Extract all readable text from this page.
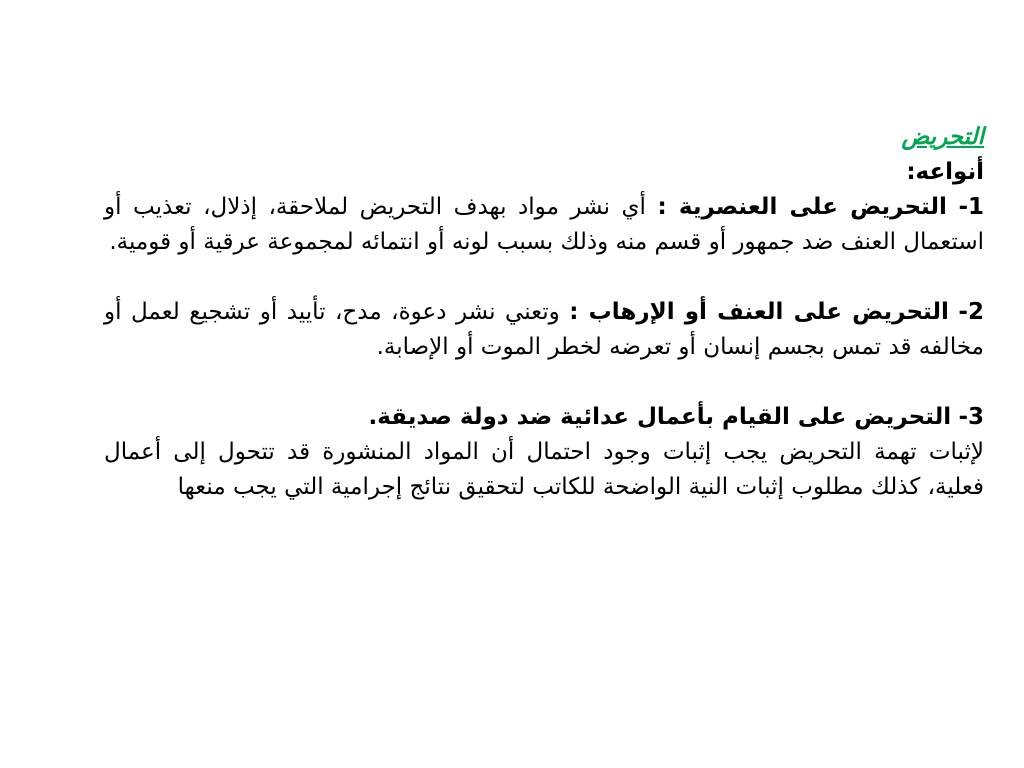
التحريض

أنواعه:

1- التحريض على العنصرية : أي نشر مواد بهدف التحريض لملاحقة، إذلال، تعذيب أو استعمال العنف ضد جمهور أو قسم منه وذلك بسبب لونه أو انتمائه لمجموعة عرقية أو قومية.

2- التحريض على العنف أو الإرهاب : وتعني نشر دعوة، مدح، تأييد أو تشجيع لعمل أو مخالفه قد تمس بجسم إنسان أو تعرضه لخطر الموت أو الإصابة.

3- التحريض على القيام بأعمال عدائية ضد دولة صديقة.

لإثبات تهمة التحريض يجب إثبات وجود احتمال أن المواد المنشورة قد تتحول إلى أعمال فعلية، كذلك مطلوب إثبات النية الواضحة للكاتب لتحقيق نتائج إجرامية التي يجب منعها
